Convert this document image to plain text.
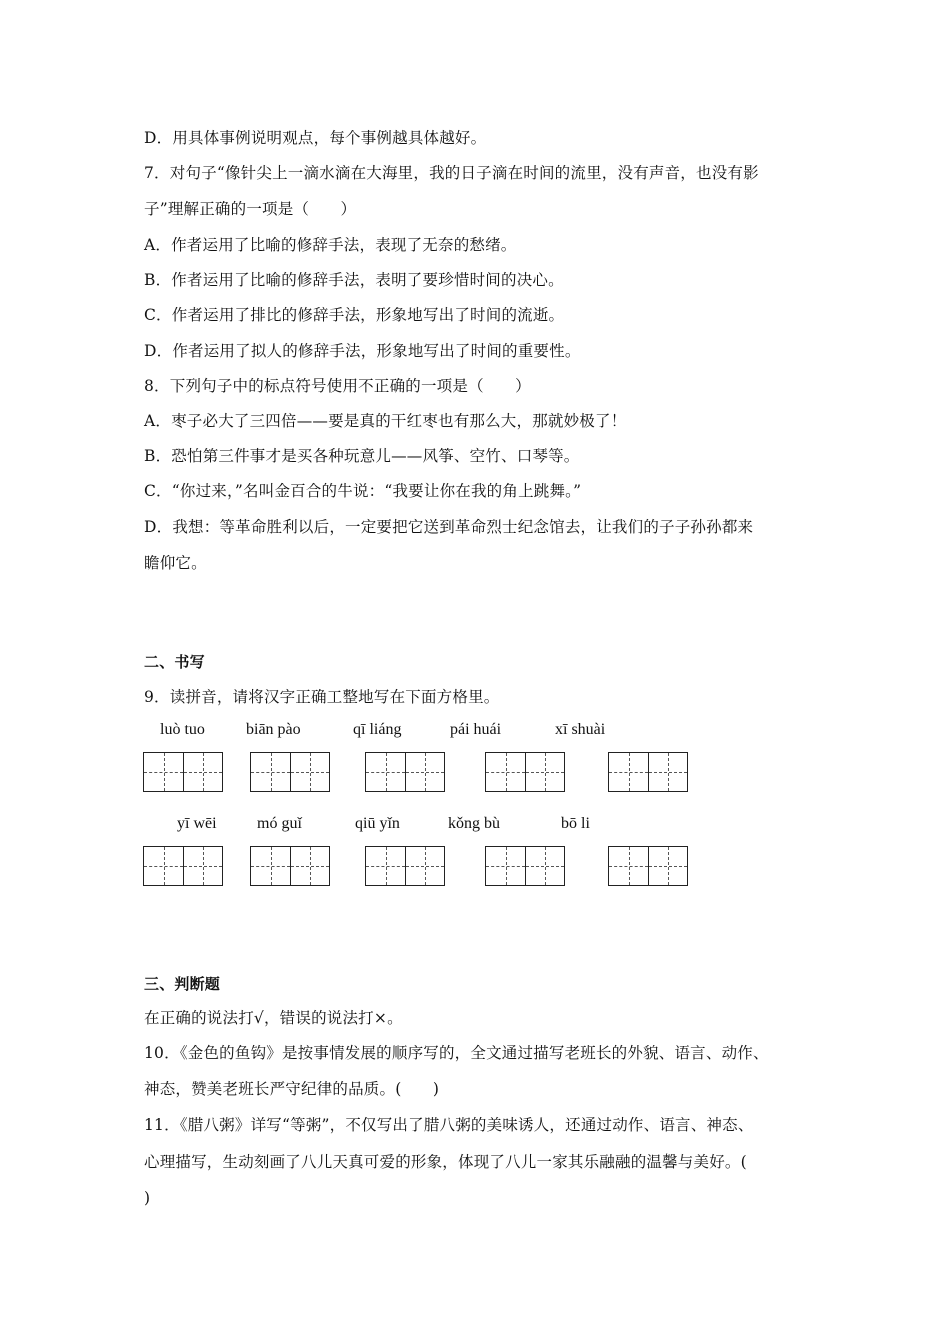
D．用具体事例说明观点，每个事例越具体越好。
7．对句子“像针尖上一滴水滴在大海里，我的日子滴在时间的流里，没有声音，也没有影
子”理解正确的一项是（　　）
A．作者运用了比喻的修辞手法，表现了无奈的愁绪。
B．作者运用了比喻的修辞手法，表明了要珍惜时间的决心。
C．作者运用了排比的修辞手法，形象地写出了时间的流逝。
D．作者运用了拟人的修辞手法，形象地写出了时间的重要性。
8．下列句子中的标点符号使用不正确的一项是（　　）
A．枣子必大了三四倍——要是真的干红枣也有那么大，那就妙极了！
B．恐怕第三件事才是买各种玩意儿——风筝、空竹、口琴等。
C．“你过来，”名叫金百合的牛说：“我要让你在我的角上跳舞。”
D．我想：等革命胜利以后，一定要把它送到革命烈士纪念馆去，让我们的子子孙孙都来
瞻仰它。
二、书写
9．读拼音，请将汉字正确工整地写在下面方格里。
luò tuo	biān pào	qī liáng	pái huái	xī shuài
yī wēi	mó guǐ	qiū yǐn	kǒng bù	bō li
三、判断题
在正确的说法打√，错误的说法打×。
10．《金色的鱼钩》是按事情发展的顺序写的，全文通过描写老班长的外貌、语言、动作、
神态，赞美老班长严守纪律的品质。(　　)
11．《腊八粥》详写“等粥”，不仅写出了腊八粥的美味诱人，还通过动作、语言、神态、
心理描写，生动刻画了八儿天真可爱的形象，体现了八儿一家其乐融融的温馨与美好。(
)
